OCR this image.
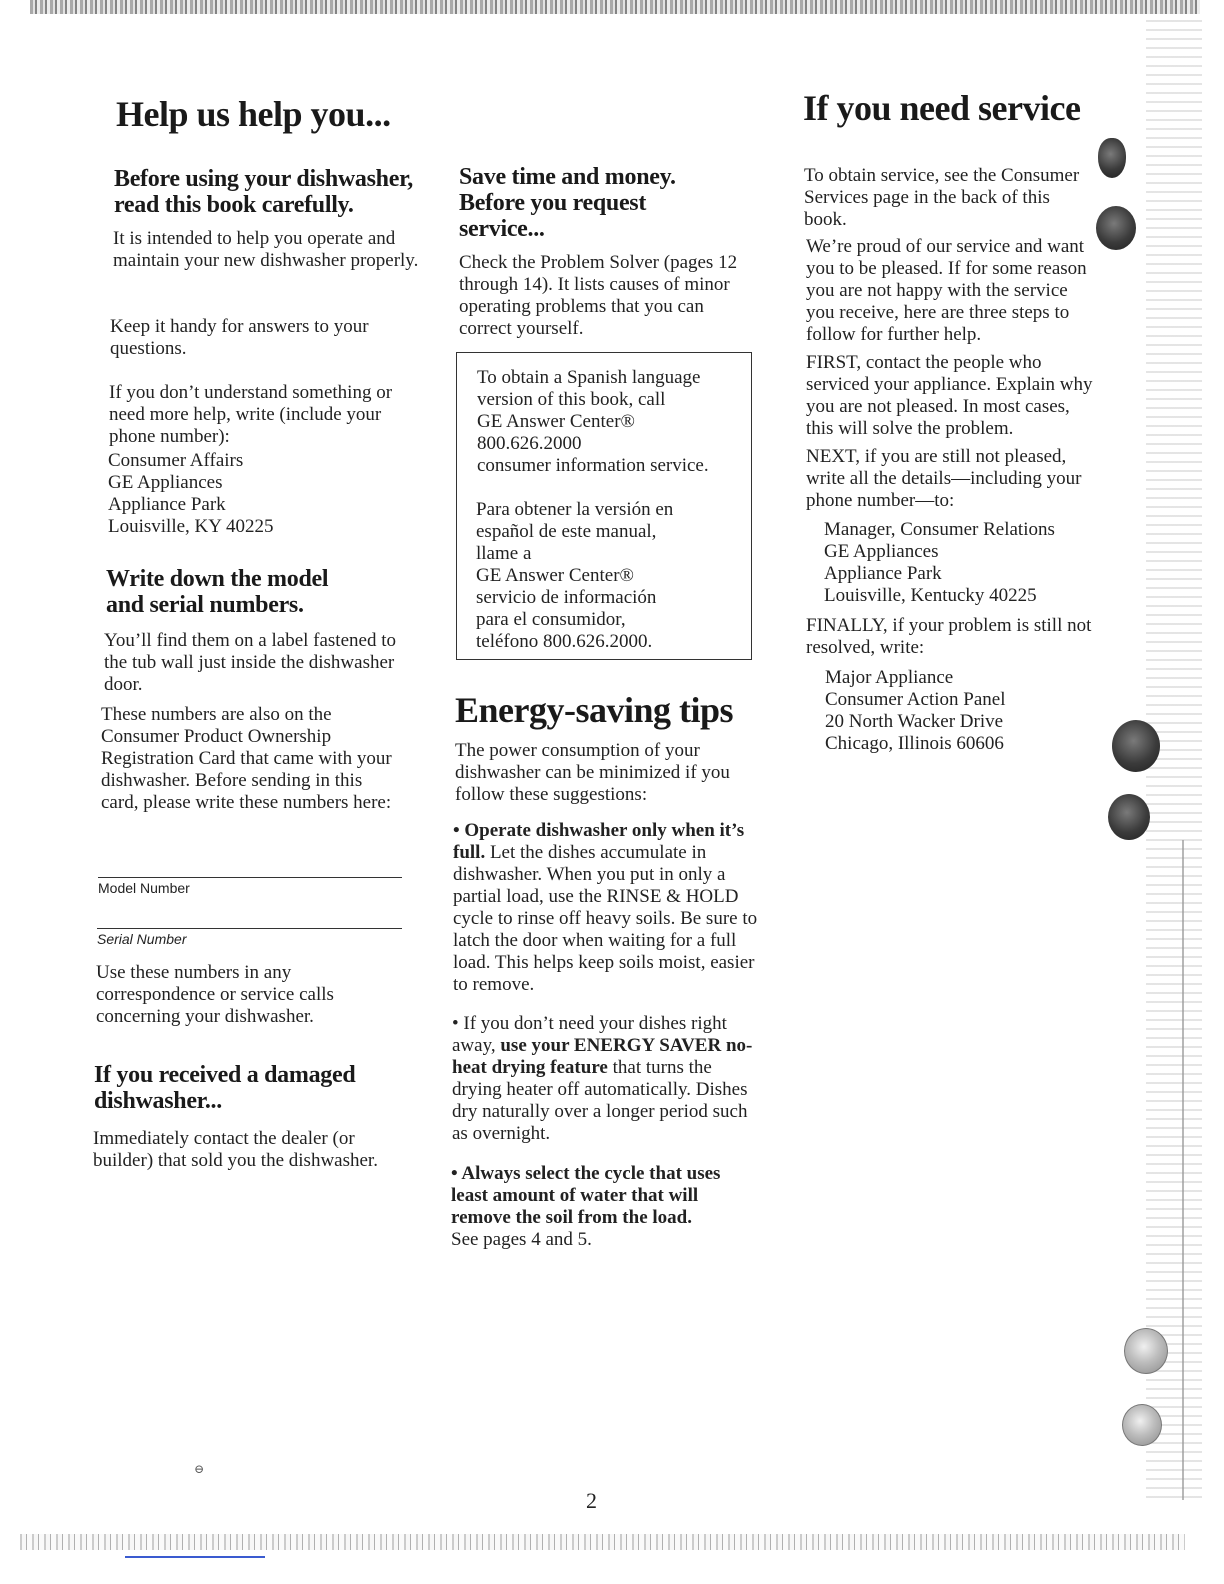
⊖
Help us help you...
Before using your dishwasher, read this book carefully.

It is intended to help you operate and maintain your new dishwasher properly.

Keep it handy for answers to your questions.

If you don’t understand something or need more help, write (include your phone number):

Consumer Affairs
GE Appliances
Appliance Park
Louisville, KY 40225
Write down the model and serial numbers.

You’ll find them on a label fastened to the tub wall just inside the dishwasher door.

These numbers are also on the Consumer Product Ownership Registration Card that came with your dishwasher. Before sending in this card, please write these numbers here:

Model Number

Serial Number

Use these numbers in any correspondence or service calls concerning your dishwasher.

If you received a damaged dishwasher...

Immediately contact the dealer (or builder) that sold you the dishwasher.

Save time and money. Before you request service...

Check the Problem Solver (pages 12 through 14). It lists causes of minor operating problems that you can correct yourself.

To obtain a Spanish language
version of this book, call
GE Answer Center®
800.626.2000
consumer information service.
Para obtener la versión en
español de este manual,
llame a
GE Answer Center®
servicio de información
para el consumidor,
teléfono 800.626.2000.
Energy-saving tips

The power consumption of your dishwasher can be minimized if you follow these suggestions:

• Operate dishwasher only when it’s full. Let the dishes accumulate in dishwasher. When you put in only a partial load, use the RINSE & HOLD cycle to rinse off heavy soils. Be sure to latch the door when waiting for a full load. This helps keep soils moist, easier to remove.

• If you don’t need your dishes right away, use your ENERGY SAVER no-heat drying feature that turns the drying heater off automatically. Dishes dry naturally over a longer period such as overnight.

• Always select the cycle that uses least amount of water that will remove the soil from the load.
See pages 4 and 5.

If you need service

To obtain service, see the Consumer Services page in the back of this book.

We’re proud of our service and want you to be pleased. If for some reason you are not happy with the service you receive, here are three steps to follow for further help.

FIRST, contact the people who serviced your appliance. Explain why you are not pleased. In most cases, this will solve the problem.

NEXT, if you are still not pleased, write all the details—including your phone number—to:

Manager, Consumer Relations
GE Appliances
Appliance Park
Louisville, Kentucky 40225

FINALLY, if your problem is still not resolved, write:

Major Appliance
Consumer Action Panel
20 North Wacker Drive
Chicago, Illinois 60606

2
